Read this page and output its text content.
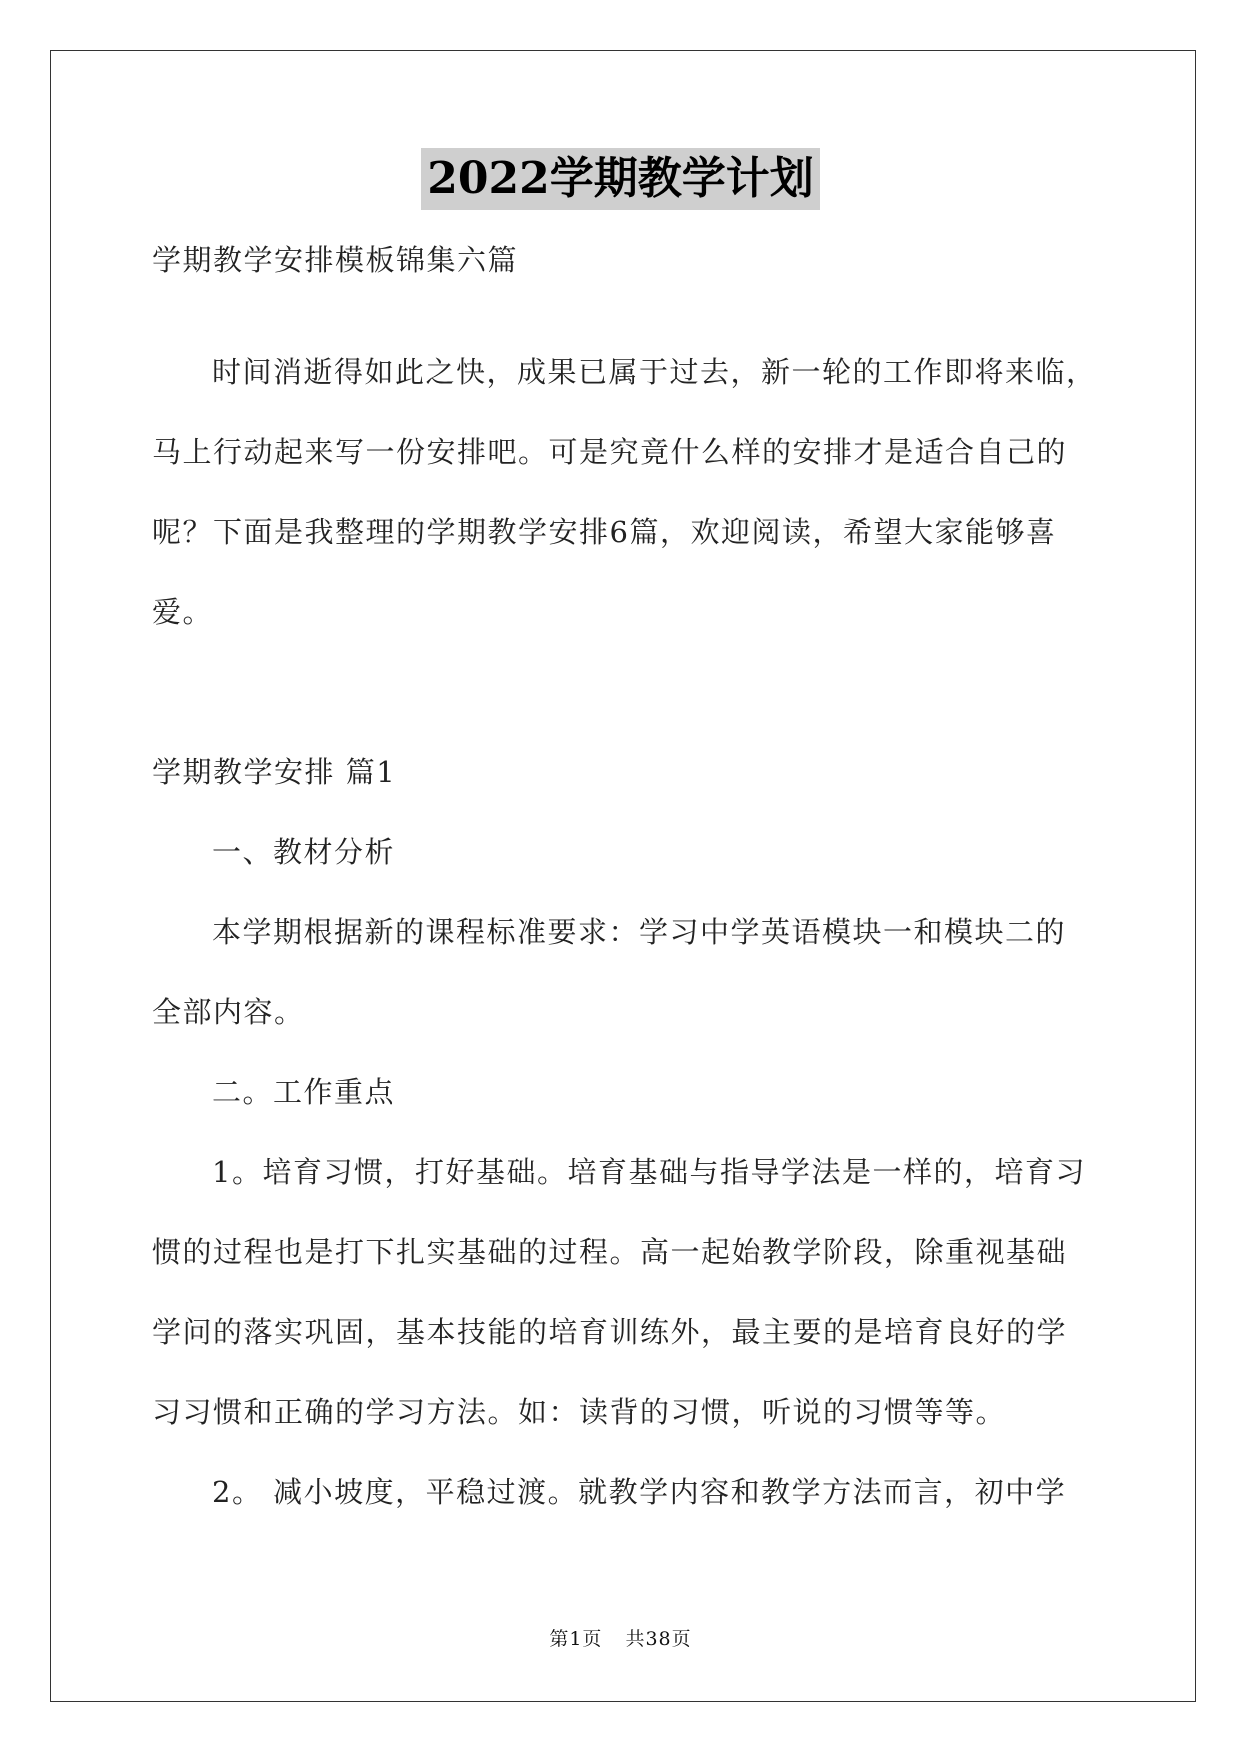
2022学期教学计划
学期教学安排模板锦集六篇
时间消逝得如此之快，成果已属于过去，新一轮的工作即将来临，
马上行动起来写一份安排吧。可是究竟什么样的安排才是适合自己的
呢？下面是我整理的学期教学安排6篇，欢迎阅读，希望大家能够喜
爱。
学期教学安排 篇1
一、教材分析
本学期根据新的课程标准要求：学习中学英语模块一和模块二的
全部内容。
二。工作重点
1。培育习惯，打好基础。培育基础与指导学法是一样的，培育习
惯的过程也是打下扎实基础的过程。高一起始教学阶段，除重视基础
学问的落实巩固，基本技能的培育训练外，最主要的是培育良好的学
习习惯和正确的学习方法。如：读背的习惯，听说的习惯等等。
2。 减小坡度，平稳过渡。就教学内容和教学方法而言，初中学
第1页 共38页
